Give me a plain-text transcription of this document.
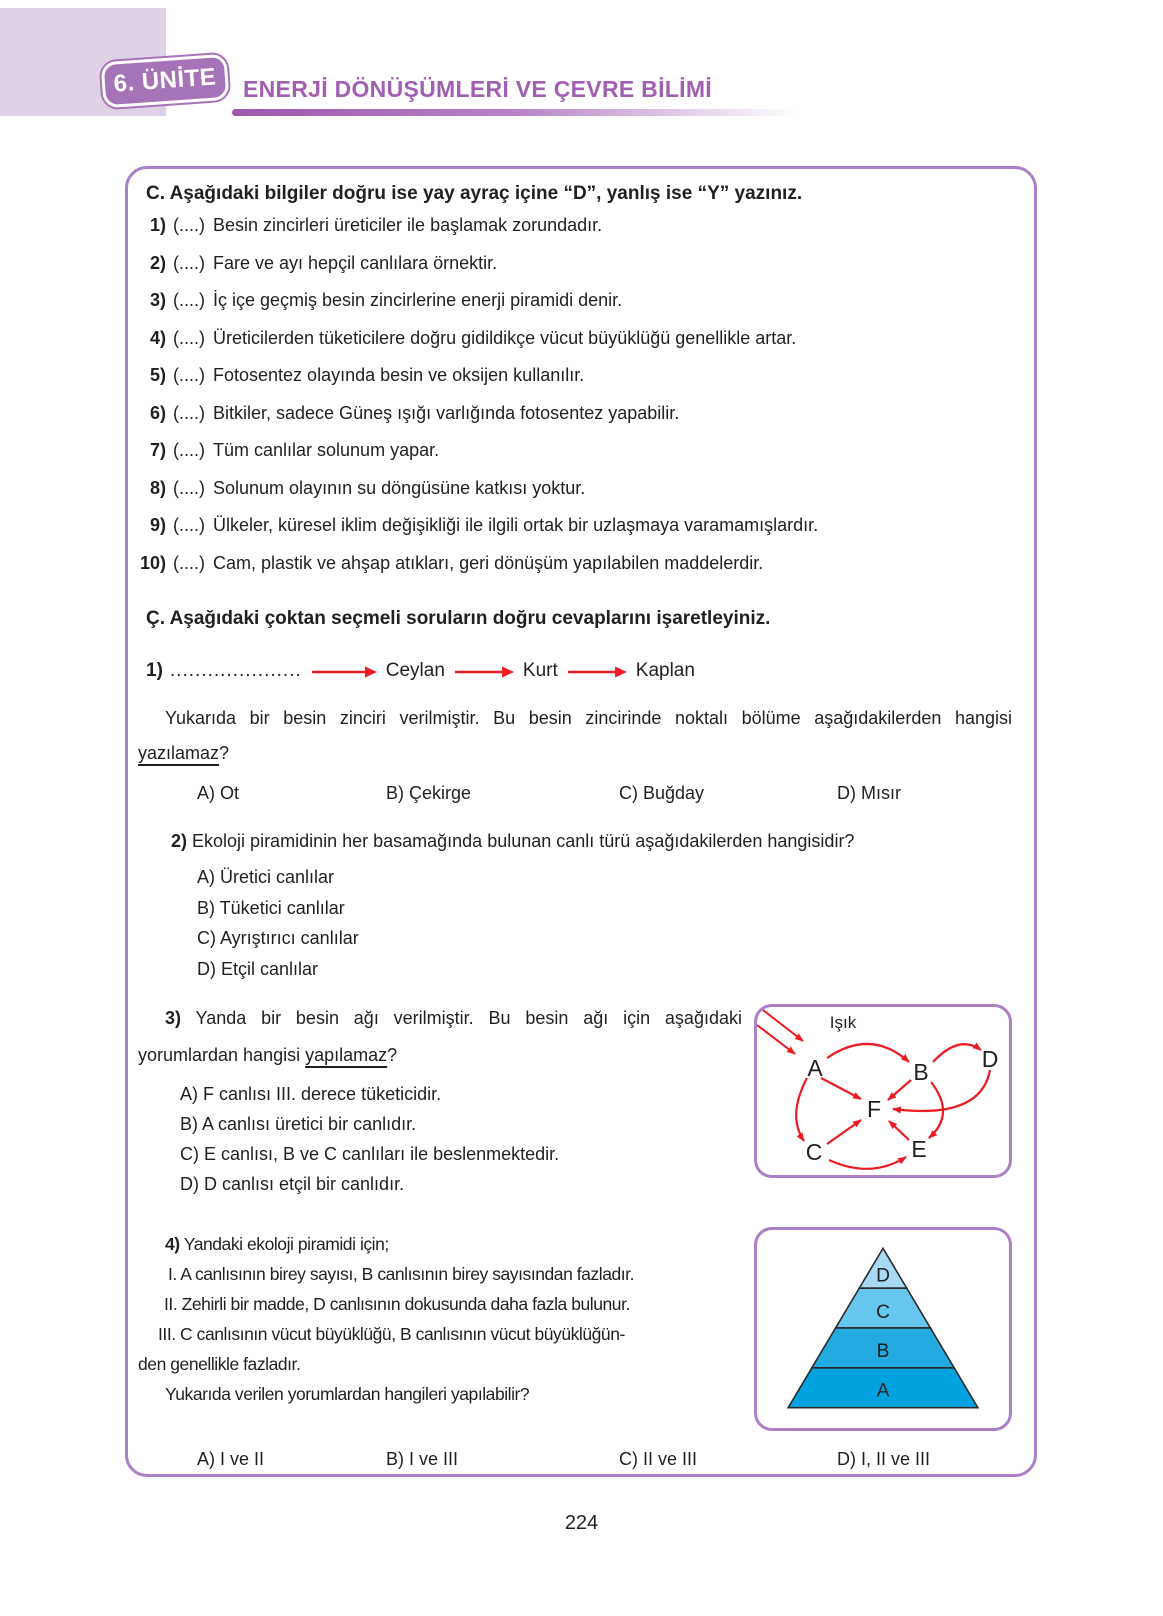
6. ÜNİTE ENERJİ DÖNÜŞÜMLERİ VE ÇEVRE BİLİMİ
C. Aşağıdaki bilgiler doğru ise yay ayraç içine “D”, yanlış ise “Y” yazınız.
1) (....) Besin zincirleri üreticiler ile başlamak zorundadır.
2) (....) Fare ve ayı hepçil canlılara örnektir.
3) (....) İç içe geçmiş besin zincirlerine enerji piramidi denir.
4) (....) Üreticilerden tüketicilere doğru gidildikçe vücut büyüklüğü genellikle artar.
5) (....) Fotosentez olayında besin ve oksijen kullanılır.
6) (....) Bitkiler, sadece Güneş ışığı varlığında fotosentez yapabilir.
7) (....) Tüm canlılar solunum yapar.
8) (....) Solunum olayının su döngüsüne katkısı yoktur.
9) (....) Ülkeler, küresel iklim değişikliği ile ilgili ortak bir uzlaşmaya varamamışlardır.
10) (....) Cam, plastik ve ahşap atıkları, geri dönüşüm yapılabilen maddelerdir.
Ç. Aşağıdaki çoktan seçmeli soruların doğru cevaplarını işaretleyiniz.
1) .....................	Ceylan	Kurt	Kaplan
Yukarıda bir besin zinciri verilmiştir. Bu besin zincirinde noktalı bölüme aşağıdakilerden hangisi
yazılamaz?
A) Ot	B) Çekirge	C) Buğday	D) Mısır
2) Ekoloji piramidinin her basamağında bulunan canlı türü aşağıdakilerden hangisidir?
A) Üretici canlılar
B) Tüketici canlılar
C) Ayrıştırıcı canlılar
D) Etçil canlılar
3) Yanda bir besin ağı verilmiştir. Bu besin ağı için aşağıdaki
yorumlardan hangisi yapılamaz?
A) F canlısı III. derece tüketicidir.
B) A canlısı üretici bir canlıdır.
C) E canlısı, B ve C canlıları ile beslenmektedir.
D) D canlısı etçil bir canlıdır.
Işık
A	B D
F
C	E
4) Yandaki ekoloji piramidi için;
I. A canlısının birey sayısı, B canlısının birey sayısından fazladır.
II. Zehirli bir madde, D canlısının dokusunda daha fazla bulunur.
III. C canlısının vücut büyüklüğü, B canlısının vücut büyüklüğün-
den genellikle fazladır.
Yukarıda verilen yorumlardan hangileri yapılabilir?
D
C
B
A
A) I ve II	B) I ve III	C) II ve III	D) I, II ve III
224
